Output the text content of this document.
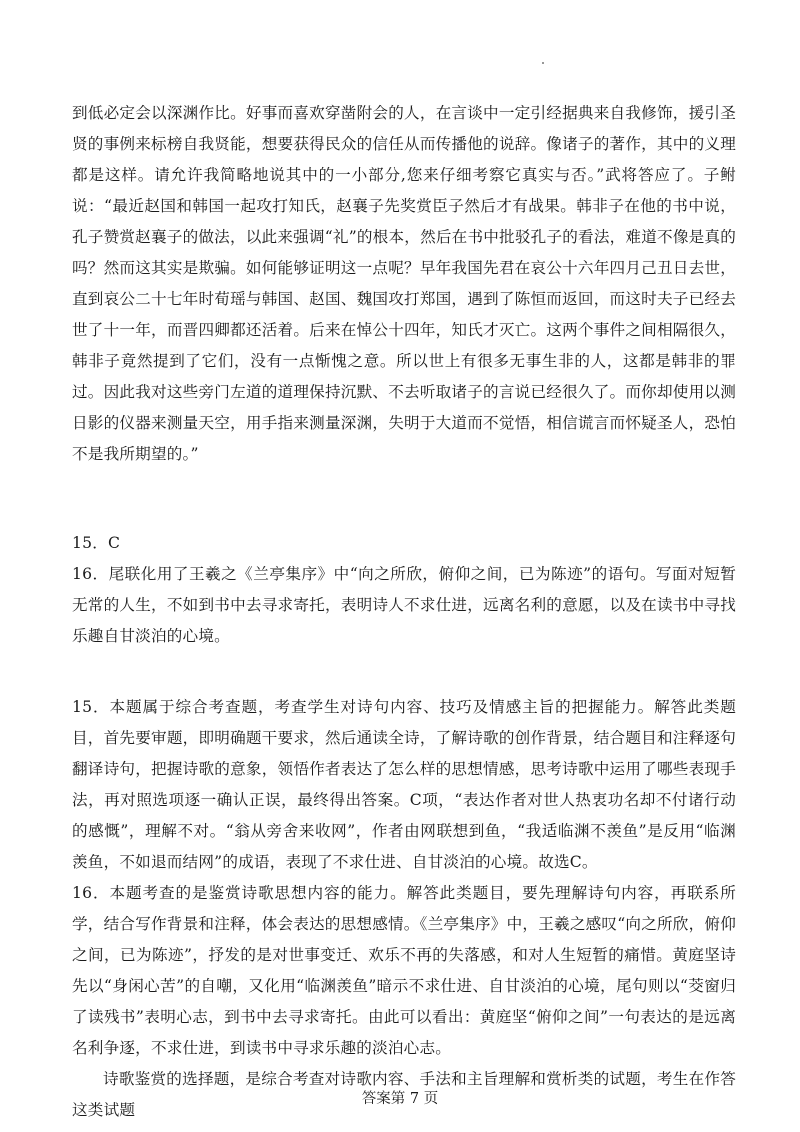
到低必定会以深渊作比。好事而喜欢穿凿附会的人，在言谈中一定引经据典来自我修饰，援引圣贤的事例来标榜自我贤能，想要获得民众的信任从而传播他的说辞。像诸子的著作，其中的义理都是这样。请允许我简略地说其中的一小部分,您来仔细考察它真实与否。”武将答应了。子鲋说：“最近赵国和韩国一起攻打知氏，赵襄子先奖赏臣子然后才有战果。韩非子在他的书中说，孔子赞赏赵襄子的做法，以此来强调“礼”的根本，然后在书中批驳孔子的看法，难道不像是真的吗？然而这其实是欺骗。如何能够证明这一点呢？早年我国先君在哀公十六年四月己丑日去世，直到哀公二十七年时荀瑶与韩国、赵国、魏国攻打郑国，遇到了陈恒而返回，而这时夫子已经去世了十一年，而晋四卿都还活着。后来在悼公十四年，知氏才灭亡。这两个事件之间相隔很久，韩非子竟然提到了它们，没有一点惭愧之意。所以世上有很多无事生非的人，这都是韩非的罪过。因此我对这些旁门左道的道理保持沉默、不去听取诸子的言说已经很久了。而你却使用以测日影的仪器来测量天空，用手指来测量深渊，失明于大道而不觉悟，相信谎言而怀疑圣人，恐怕不是我所期望的。”

15．C

16．尾联化用了王羲之《兰亭集序》中“向之所欣，俯仰之间，已为陈迹”的语句。写面对短暂无常的人生，不如到书中去寻求寄托，表明诗人不求仕进，远离名利的意愿，以及在读书中寻找乐趣自甘淡泊的心境。

15．本题属于综合考查题，考查学生对诗句内容、技巧及情感主旨的把握能力。解答此类题目，首先要审题，即明确题干要求，然后通读全诗，了解诗歌的创作背景，结合题目和注释逐句翻译诗句，把握诗歌的意象，领悟作者表达了怎么样的思想情感，思考诗歌中运用了哪些表现手法，再对照选项逐一确认正误，最终得出答案。C项，“表达作者对世人热衷功名却不付诸行动的感慨”，理解不对。“翁从旁舍来收网”，作者由网联想到鱼，“我适临渊不羡鱼”是反用“临渊羡鱼，不如退而结网”的成语，表现了不求仕进、自甘淡泊的心境。故选C。

16．本题考查的是鉴赏诗歌思想内容的能力。解答此类题目，要先理解诗句内容，再联系所学，结合写作背景和注释，体会表达的思想感情。《兰亭集序》中，王羲之感叹“向之所欣，俯仰之间，已为陈迹”，抒发的是对世事变迁、欢乐不再的失落感，和对人生短暂的痛惜。黄庭坚诗先以“身闲心苦”的自嘲，又化用“临渊羡鱼”暗示不求仕进、自甘淡泊的心境，尾句则以“茭窗归了读残书”表明心志，到书中去寻求寄托。由此可以看出：黄庭坚“俯仰之间”一句表达的是远离名利争逐，不求仕进，到读书中寻求乐趣的淡泊心志。

诗歌鉴赏的选择题，是综合考查对诗歌内容、手法和主旨理解和赏析类的试题，考生在作答这类试题

答案第 7 页
